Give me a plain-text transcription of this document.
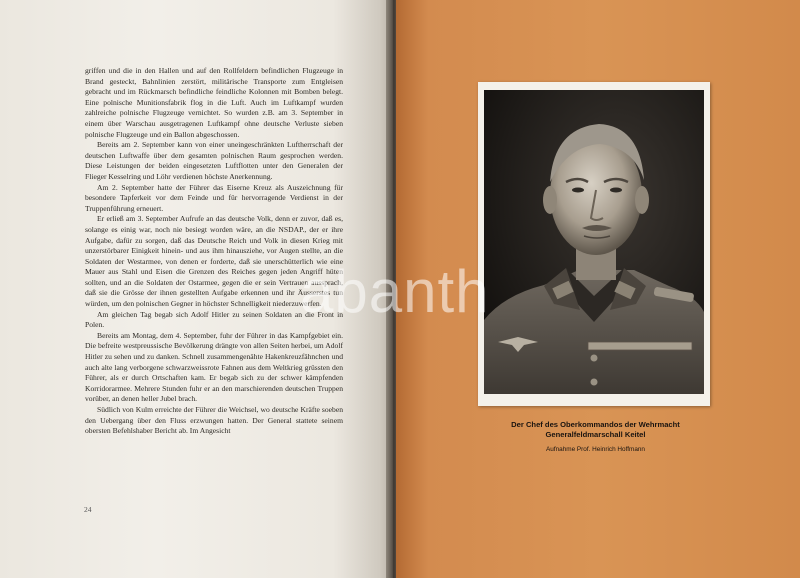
griffen und die in den Hallen und auf den Rollfeldern befindlichen Flugzeuge in Brand gesteckt, Bahnlinien zerstört, militärische Transporte zum Entgleisen gebracht und im Rückmarsch befindliche feindliche Kolonnen mit Bomben belegt. Eine polnische Munitionsfabrik flog in die Luft. Auch im Luftkampf wurden zahlreiche polnische Flugzeuge vernichtet. So wurden z.B. am 3. September in einem über Warschau ausgetragenen Luftkampf ohne deutsche Verluste sieben polnische Flugzeuge und ein Ballon abgeschossen.

Bereits am 2. September kann von einer uneingeschränkten Luftherrschaft der deutschen Luftwaffe über dem gesamten polnischen Raum gesprochen werden. Diese Leistungen der beiden eingesetzten Luftflotten unter den Generalen der Flieger Kesselring und Löhr verdienen höchste Anerkennung.

Am 2. September hatte der Führer das Eiserne Kreuz als Auszeichnung für besondere Tapferkeit vor dem Feinde und für hervorragende Verdienst in der Truppenführung erneuert.

Er erließ am 3. September Aufrufe an das deutsche Volk, denn er zuvor, daß es, solange es einig war, noch nie besiegt worden wäre, an die NSDAP., der er ihre Aufgabe, dafür zu sorgen, daß das Deutsche Reich und Volk in diesen Krieg mit unzerstörbarer Einigkeit hinein- und aus ihm hinausziehe, vor Augen stellte, an die Soldaten der Westarmee, von denen er forderte, daß sie unerschütterlich wie eine Mauer aus Stahl und Eisen die Grenzen des Reiches gegen jeden Angriff hüten sollten, und an die Soldaten der Ostarmee, gegen die er sein Vertrauen aussprach, daß sie die Grösse der ihnen gestellten Aufgabe erkennen und ihr Äusserstes tun würden, um den polnischen Gegner in höchster Schnelligkeit niederzuwerfen.

Am gleichen Tag begab sich Adolf Hitler zu seinen Soldaten an die Front in Polen.

Bereits am Montag, dem 4. September, fuhr der Führer in das Kampfgebiet ein. Die befreite westpreussische Bevölkerung drängte von allen Seiten herbei, um Adolf Hitler zu sehen und zu danken. Schnell zusammengenähte Hakenkreuzfähnchen und auch alte lang verborgene schwarzweissrote Fahnen aus dem Weltkrieg grüssten den Führer, als er durch Ortschaften kam. Er begab sich zu der schwer kämpfenden Korridorarmee. Mehrere Stunden fuhr er an den marschierenden deutschen Truppen vorüber, an denen heller Jubel brach.

Südlich von Kulm erreichte der Führer die Weichsel, wo deutsche Kräfte soeben den Uebergang über den Fluss erzwungen hatten. Der General stattete seinem obersten Befehlshaber Bericht ab. Im Angesicht

24
Der Chef des Oberkommandos der Wehrmacht
Generalfeldmarschall Keitel
Aufnahme Prof. Heinrich Hoffmann
abanth
